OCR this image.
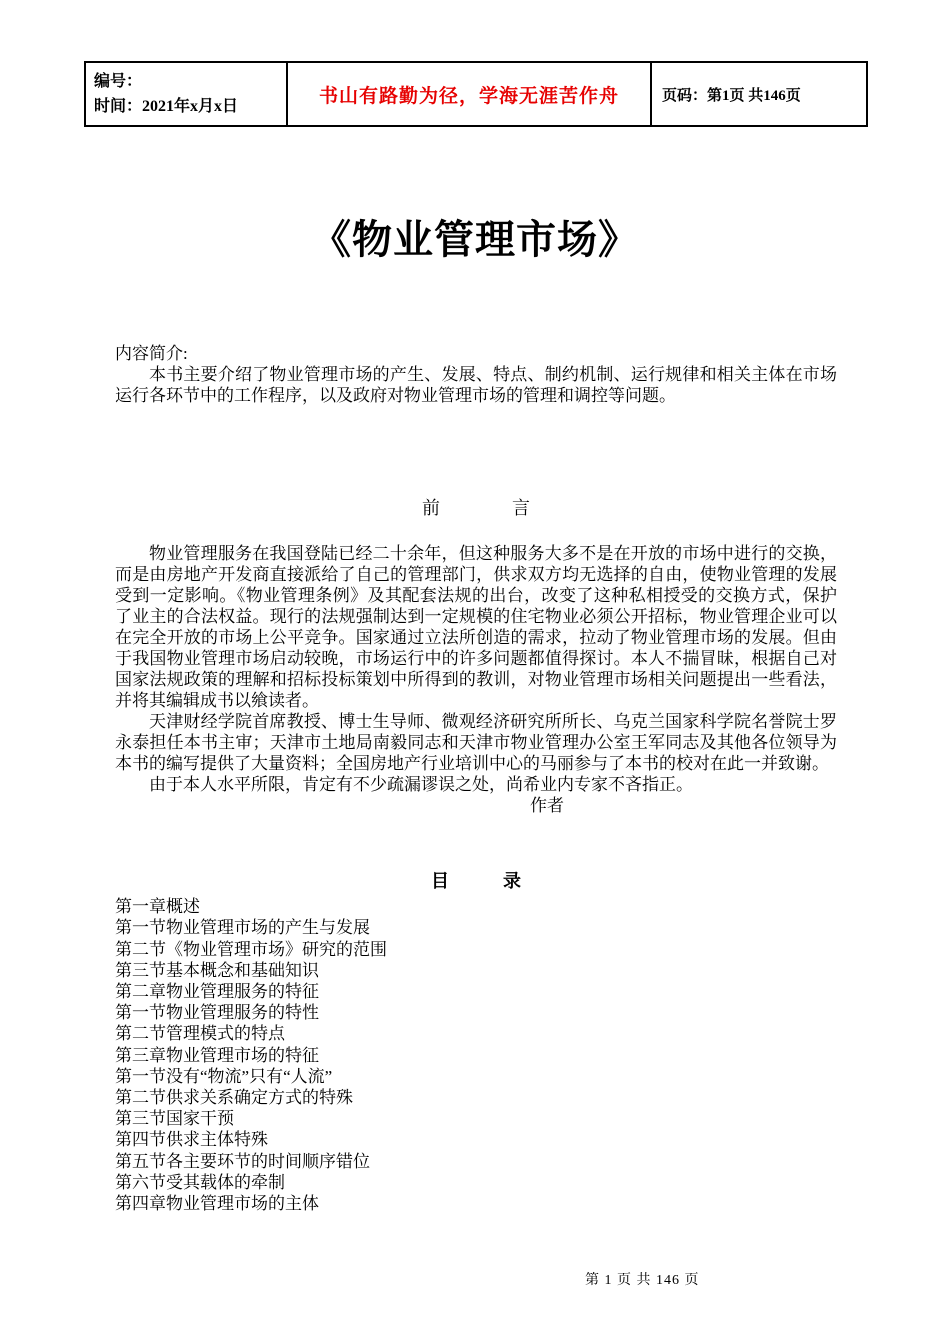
编号：
时间：2021年x月x日	书山有路勤为径，学海无涯苦作舟	页码：第1页 共146页
《物业管理市场》

内容简介:

本书主要介绍了物业管理市场的产生、发展、特点、制约机制、运行规律和相关主体在市场运行各环节中的工作程序，以及政府对物业管理市场的管理和调控等问题。

前　　　　言

物业管理服务在我国登陆已经二十余年，但这种服务大多不是在开放的市场中进行的交换，而是由房地产开发商直接派给了自己的管理部门，供求双方均无选择的自由，使物业管理的发展受到一定影响。《物业管理条例》及其配套法规的出台，改变了这种私相授受的交换方式，保护了业主的合法权益。现行的法规强制达到一定规模的住宅物业必须公开招标，物业管理企业可以在完全开放的市场上公平竞争。国家通过立法所创造的需求，拉动了物业管理市场的发展。但由于我国物业管理市场启动较晚，市场运行中的许多问题都值得探讨。本人不揣冒昧，根据自己对国家法规政策的理解和招标投标策划中所得到的教训，对物业管理市场相关问题提出一些看法，并将其编辑成书以飨读者。

天津财经学院首席教授、博士生导师、微观经济研究所所长、乌克兰国家科学院名誉院士罗永泰担任本书主审；天津市土地局南毅同志和天津市物业管理办公室王军同志及其他各位领导为本书的编写提供了大量资料；全国房地产行业培训中心的马丽参与了本书的校对在此一并致谢。

由于本人水平所限，肯定有不少疏漏谬误之处，尚希业内专家不吝指正。

作者

目　　　录

第一章概述

第一节物业管理市场的产生与发展

第二节《物业管理市场》研究的范围

第三节基本概念和基础知识

第二章物业管理服务的特征

第一节物业管理服务的特性

第二节管理模式的特点

第三章物业管理市场的特征

第一节没有“物流”只有“人流”

第二节供求关系确定方式的特殊

第三节国家干预

第四节供求主体特殊

第五节各主要环节的时间顺序错位

第六节受其载体的牵制

第四章物业管理市场的主体

第 1 页 共 146 页
